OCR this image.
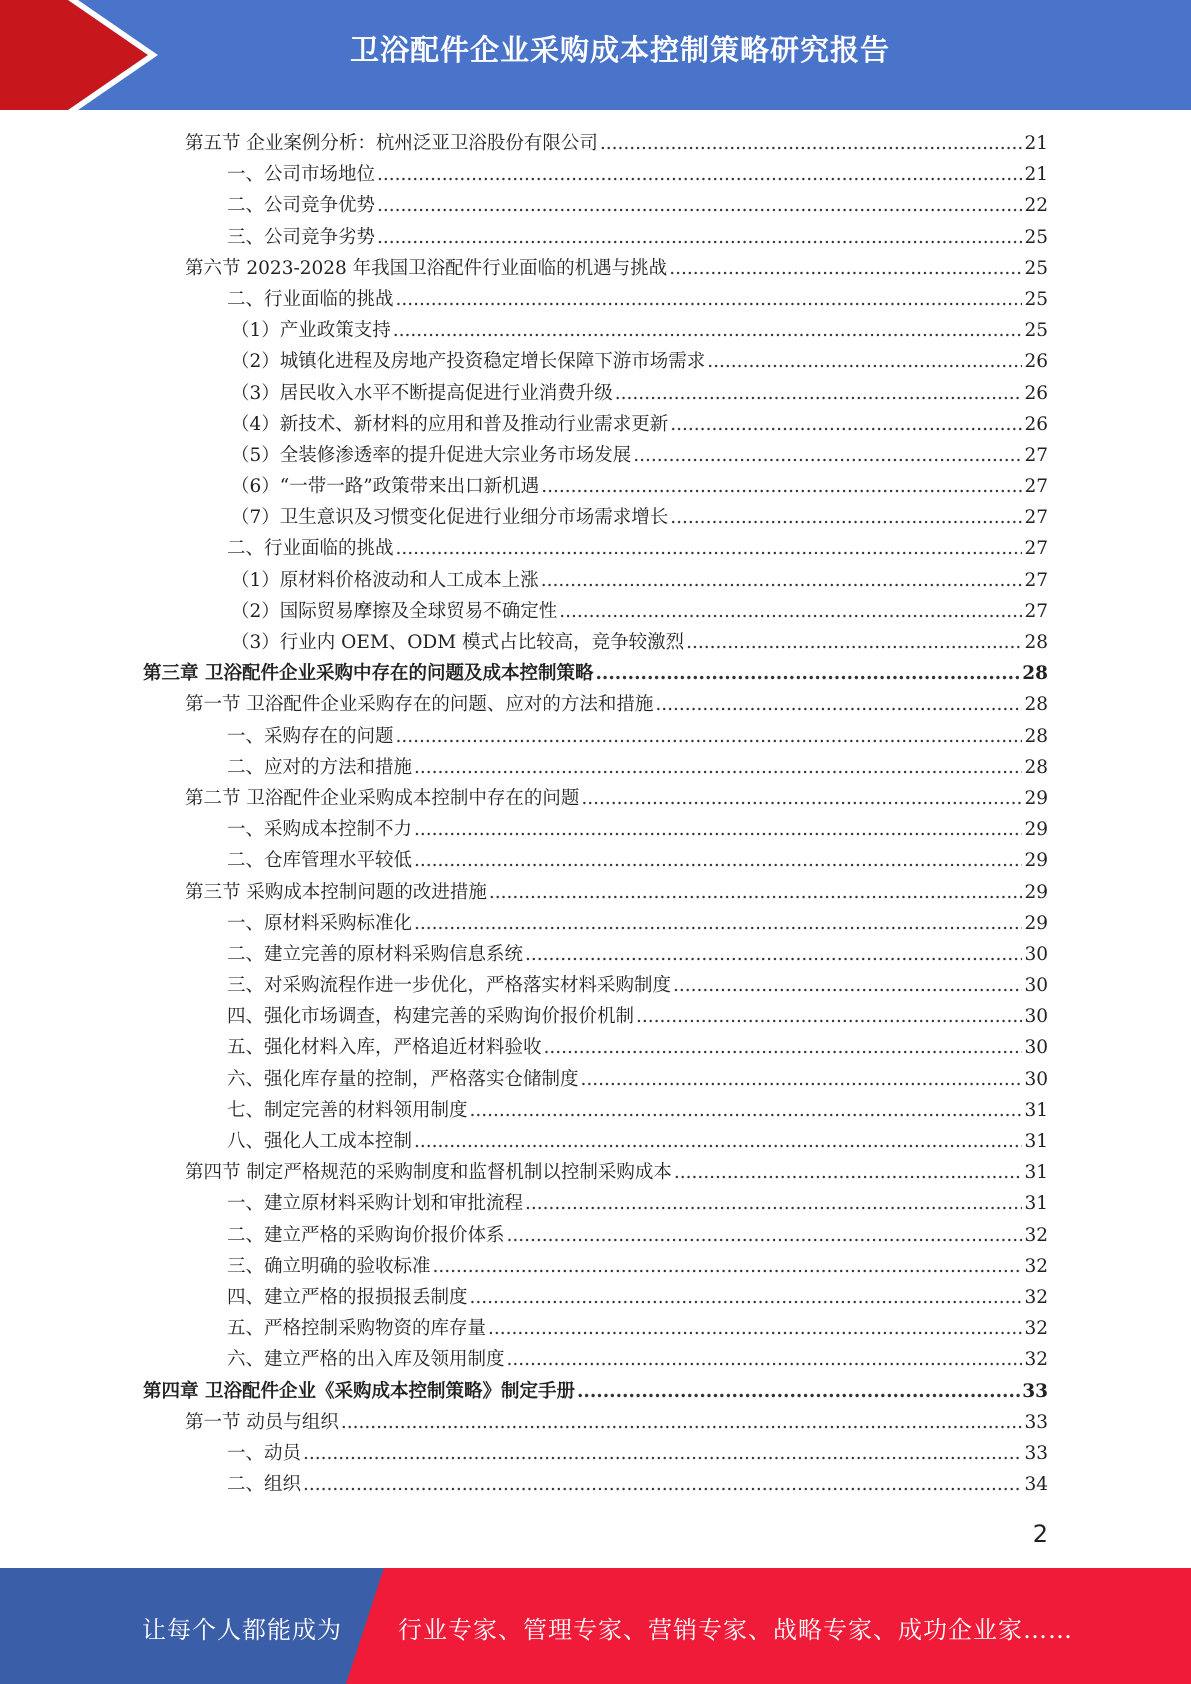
卫浴配件企业采购成本控制策略研究报告
第五节 企业案例分析：杭州泛亚卫浴股份有限公司 .....	21
一、公司市场地位 .....	21
二、公司竞争优势 .....	22
三、公司竞争劣势 .....	25
第六节 2023-2028 年我国卫浴配件行业面临的机遇与挑战 .....	25
二、行业面临的挑战 .....	25
（1）产业政策支持 .....	25
（2）城镇化进程及房地产投资稳定增长保障下游市场需求 .....	26
（3）居民收入水平不断提高促进行业消费升级 .....	26
（4）新技术、新材料的应用和普及推动行业需求更新 .....	26
（5）全装修渗透率的提升促进大宗业务市场发展 .....	27
（6）“一带一路”政策带来出口新机遇 .....	27
（7）卫生意识及习惯变化促进行业细分市场需求增长 .....	27
二、行业面临的挑战 .....	27
（1）原材料价格波动和人工成本上涨 .....	27
（2）国际贸易摩擦及全球贸易不确定性 .....	27
（3）行业内 OEM、ODM 模式占比较高，竞争较激烈 .....	28
第三章 卫浴配件企业采购中存在的问题及成本控制策略 .....	28
第一节 卫浴配件企业采购存在的问题、应对的方法和措施 .....	28
一、采购存在的问题 .....	28
二、应对的方法和措施 .....	28
第二节 卫浴配件企业采购成本控制中存在的问题 .....	29
一、采购成本控制不力 .....	29
二、仓库管理水平较低 .....	29
第三节 采购成本控制问题的改进措施 .....	29
一、原材料采购标准化 .....	29
二、建立完善的原材料采购信息系统 .....	30
三、对采购流程作进一步优化，严格落实材料采购制度 .....	30
四、强化市场调查，构建完善的采购询价报价机制 .....	30
五、强化材料入库，严格追近材料验收 .....	30
六、强化库存量的控制，严格落实仓储制度 .....	30
七、制定完善的材料领用制度 .....	31
八、强化人工成本控制 .....	31
第四节 制定严格规范的采购制度和监督机制以控制采购成本 .....	31
一、建立原材料采购计划和审批流程 .....	31
二、建立严格的采购询价报价体系 .....	32
三、确立明确的验收标准 .....	32
四、建立严格的报损报丢制度 .....	32
五、严格控制采购物资的库存量 .....	32
六、建立严格的出入库及领用制度 .....	32
第四章 卫浴配件企业《采购成本控制策略》制定手册 .....	33
第一节 动员与组织 .....	33
一、动员 .....	33
二、组织 .....	34
2
让每个人都能成为 行业专家、管理专家、营销专家、战略专家、成功企业家……
